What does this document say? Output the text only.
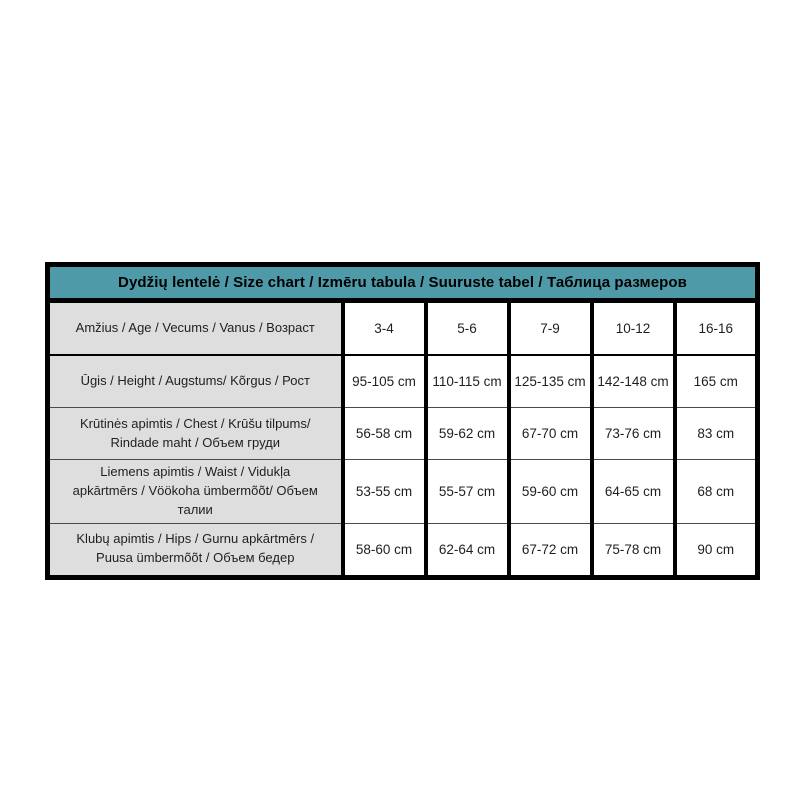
Dydžių lentelė / Size chart / Izmēru tabula / Suuruste tabel / Таблица размеров					
Amžius / Age / Vecums / Vanus / Возраст	3-4	5-6	7-9	10-12	16-16
Ūgis / Height / Augstums/ Kõrgus / Рост	95-105 cm	110-115 cm	125-135 cm	142-148 cm	165 cm
Krūtinės apimtis / Chest / Krūšu tilpums/ Rindade maht / Объем груди	56-58 cm	59-62 cm	67-70 cm	73-76 cm	83 cm
Liemens apimtis / Waist / Vidukļa apkārtmērs / Vöökoha ümbermõõt/ Объем талии	53-55 cm	55-57 cm	59-60 cm	64-65 cm	68 cm
Klubų apimtis / Hips / Gurnu apkārtmērs / Puusa ümbermõõt / Объем бедер	58-60 cm	62-64 cm	67-72 cm	75-78 cm	90 cm
